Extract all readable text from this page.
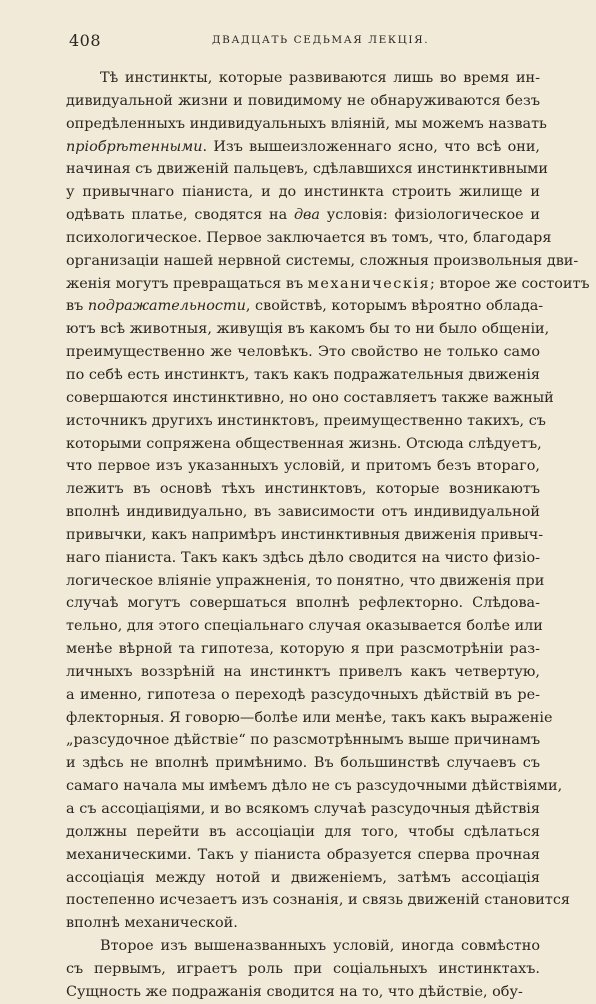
408	ДВАДЦАТЬ СЕДЬМАЯ ЛЕКЦІЯ.
Тѣ инстинкты, которые развиваются лишь во время ин-
дивидуальной жизни и повидимому не обнаруживаются безъ
опредѣленныхъ индивидуальныхъ вліяній, мы можемъ назвать
пріобрѣтенными. Изъ вышеизложеннаго ясно, что всѣ они,
начиная съ движеній пальцевъ, сдѣлавшихся инстинктивными
у привычнаго піаниста, и до инстинкта строить жилище и
одѣвать платье, сводятся на два условія: физіологическое и
психологическое. Первое заключается въ томъ, что, благодаря
организаціи нашей нервной системы, сложныя произвольныя дви-
женія могутъ превращаться въ механическія; второе же состоитъ
въ подражательности, свойствѣ, которымъ вѣроятно облада-
ютъ всѣ животныя, живущія въ какомъ бы то ни было общеніи,
преимущественно же человѣкъ. Это свойство не только само
по себѣ есть инстинктъ, такъ какъ подражательныя движенія
совершаются инстинктивно, но оно составляетъ также важный
источникъ другихъ инстинктовъ, преимущественно такихъ, съ
которыми сопряжена общественная жизнь. Отсюда слѣдуетъ,
что первое изъ указанныхъ условій, и притомъ безъ втораго,
лежитъ въ основѣ тѣхъ инстинктовъ, которые возникаютъ
вполнѣ индивидуально, въ зависимости отъ индивидуальной
привычки, какъ напримѣръ инстинктивныя движенія привыч-
наго піаниста. Такъ какъ здѣсь дѣло сводится на чисто физіо-
логическое вліяніе упражненія, то понятно, что движенія при
случаѣ могутъ совершаться вполнѣ рефлекторно. Слѣдова-
тельно, для этого спеціальнаго случая оказывается болѣе или
менѣе вѣрной та гипотеза, которую я при разсмотрѣніи раз-
личныхъ воззрѣній на инстинктъ привелъ какъ четвертую,
а именно, гипотеза о переходѣ разсудочныхъ дѣйствій въ ре-
флекторныя. Я говорю—болѣе или менѣе, такъ какъ выраженіе
„разсудочное дѣйствіе“ по разсмотрѣннымъ выше причинамъ
и здѣсь не вполнѣ примѣнимо. Въ большинствѣ случаевъ съ
самаго начала мы имѣемъ дѣло не съ разсудочными дѣйствіями,
а съ ассоціаціями, и во всякомъ случаѣ разсудочныя дѣйствія
должны перейти въ ассоціаціи для того, чтобы сдѣлаться
механическими. Такъ у піаниста образуется сперва прочная
ассоціація между нотой и движеніемъ, затѣмъ ассоціація
постепенно исчезаетъ изъ сознанія, и связь движеній становится
вполнѣ механической.
Второе изъ вышеназванныхъ условій, иногда совмѣстно
съ первымъ, играетъ роль при соціальныхъ инстинктахъ.
Сущность же подражанія сводится на то, что дѣйствіе, обу-
